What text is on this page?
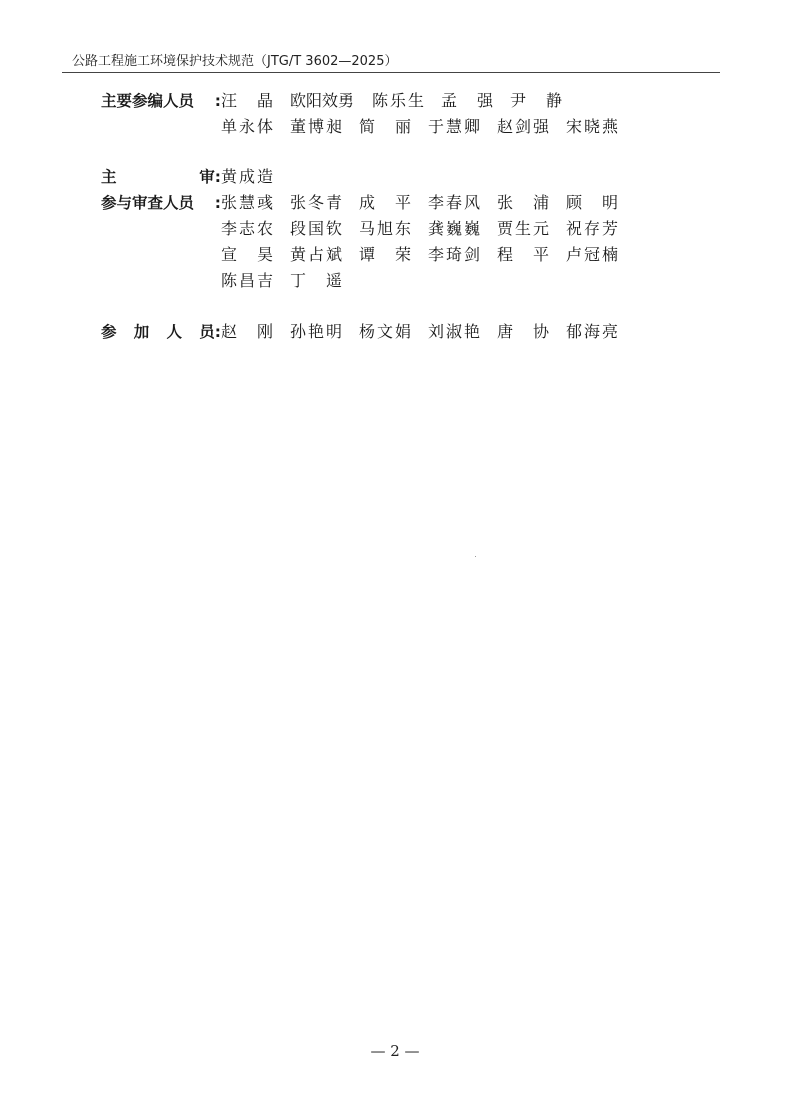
公路工程施工环境保护技术规范（JTG/T 3602—2025）
主要参编人员 : 汪晶	欧阳效勇	陈乐生	孟强	尹静
单永体	董博昶	简丽	于慧卿	赵剑强	宋晓燕
主	审: 黄成造
参与审查人员 : 张慧彧	张冬青	成平	李春风	张浦	顾明
李志农	段国钦	马旭东	龚巍巍	贾生元	祝存芳
宣昊	黄占斌	谭荣	李琦剑	程平	卢冠楠
陈昌吉	丁遥
参 加 人 员: 赵刚	孙艳明	杨文娟	刘淑艳	唐协	郁海亮
— 2 —
